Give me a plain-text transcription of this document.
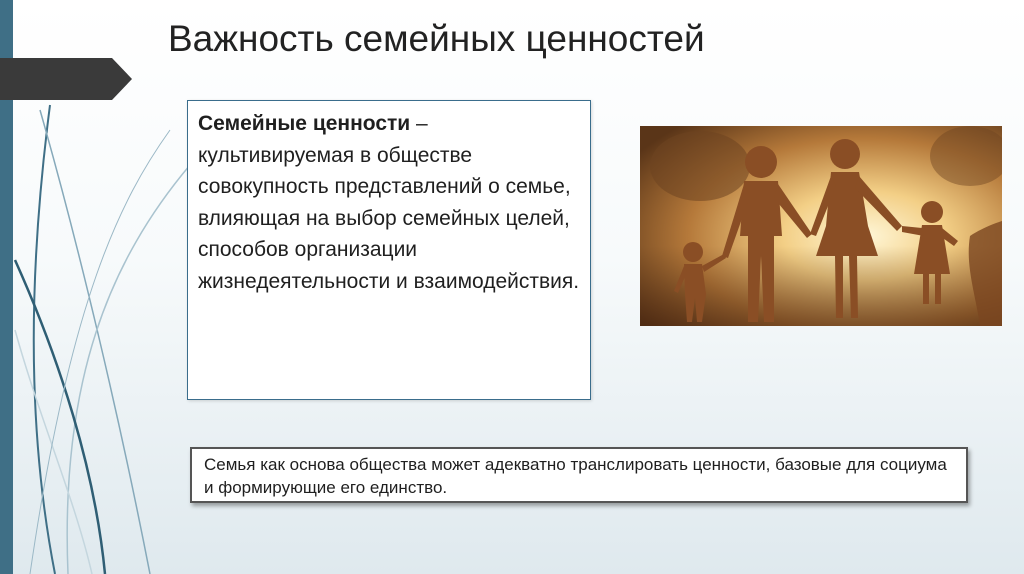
Важность семейных ценностей

Семейные ценности – культивируемая в обществе совокупность представлений о семье, влияющая на выбор семейных целей, способов организации жизнедеятельности и взаимодействия.

Семья как основа общества может адекватно транслировать ценности, базовые для социума и формирующие его единство.
